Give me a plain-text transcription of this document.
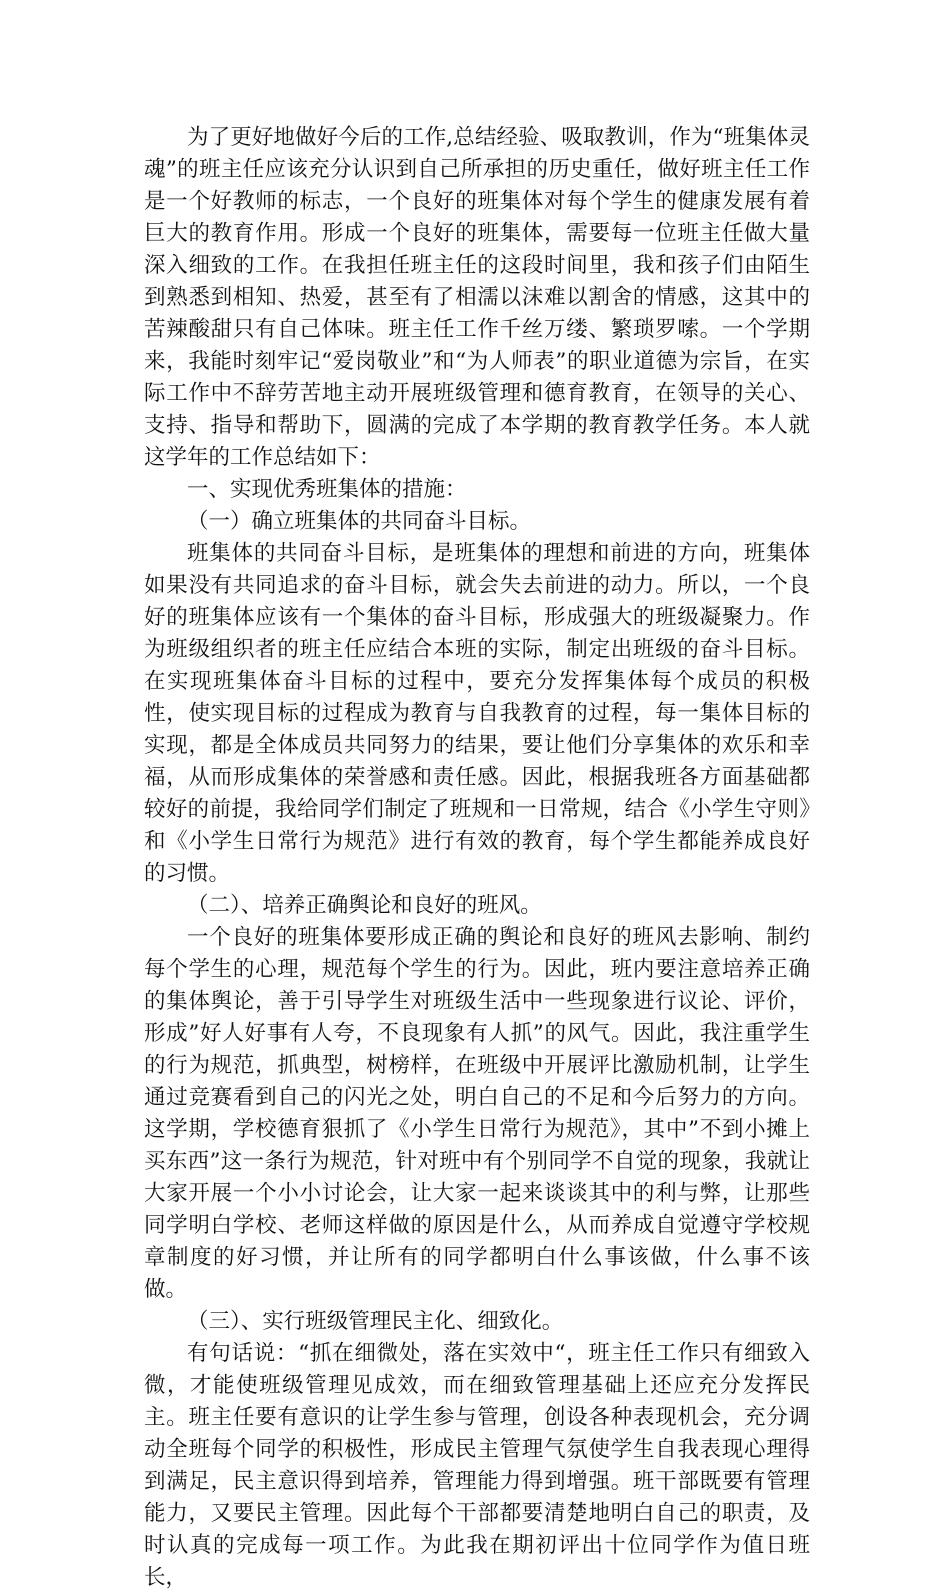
为了更好地做好今后的工作,总结经验、吸取教训，作为“班集体灵魂”的班主任应该充分认识到自己所承担的历史重任，做好班主任工作是一个好教师的标志，一个良好的班集体对每个学生的健康发展有着巨大的教育作用。形成一个良好的班集体，需要每一位班主任做大量深入细致的工作。在我担任班主任的这段时间里，我和孩子们由陌生到熟悉到相知、热爱，甚至有了相濡以沫难以割舍的情感，这其中的苦辣酸甜只有自己体味。班主任工作千丝万缕、繁琐罗嗦。一个学期来，我能时刻牢记“爱岗敬业”和“为人师表”的职业道德为宗旨，在实际工作中不辞劳苦地主动开展班级管理和德育教育，在领导的关心、支持、指导和帮助下，圆满的完成了本学期的教育教学任务。本人就这学年的工作总结如下：

一、实现优秀班集体的措施：

（一）确立班集体的共同奋斗目标。

班集体的共同奋斗目标，是班集体的理想和前进的方向，班集体如果没有共同追求的奋斗目标，就会失去前进的动力。所以，一个良好的班集体应该有一个集体的奋斗目标，形成强大的班级凝聚力。作为班级组织者的班主任应结合本班的实际，制定出班级的奋斗目标。在实现班集体奋斗目标的过程中，要充分发挥集体每个成员的积极性，使实现目标的过程成为教育与自我教育的过程，每一集体目标的实现，都是全体成员共同努力的结果，要让他们分享集体的欢乐和幸福，从而形成集体的荣誉感和责任感。因此，根据我班各方面基础都较好的前提，我给同学们制定了班规和一日常规，结合《小学生守则》和《小学生日常行为规范》进行有效的教育，每个学生都能养成良好的习惯。

（二）、培养正确舆论和良好的班风。

一个良好的班集体要形成正确的舆论和良好的班风去影响、制约每个学生的心理，规范每个学生的行为。因此，班内要注意培养正确的集体舆论，善于引导学生对班级生活中一些现象进行议论、评价，形成”好人好事有人夸，不良现象有人抓”的风气。因此，我注重学生的行为规范，抓典型，树榜样，在班级中开展评比激励机制，让学生通过竞赛看到自己的闪光之处，明白自己的不足和今后努力的方向。这学期，学校德育狠抓了《小学生日常行为规范》，其中”不到小摊上买东西”这一条行为规范，针对班中有个别同学不自觉的现象，我就让大家开展一个小小讨论会，让大家一起来谈谈其中的利与弊，让那些同学明白学校、老师这样做的原因是什么，从而养成自觉遵守学校规章制度的好习惯，并让所有的同学都明白什么事该做，什么事不该做。

（三）、实行班级管理民主化、细致化。

有句话说：“抓在细微处，落在实效中“，班主任工作只有细致入微，才能使班级管理见成效，而在细致管理基础上还应充分发挥民主。班主任要有意识的让学生参与管理，创设各种表现机会，充分调动全班每个同学的积极性，形成民主管理气氛使学生自我表现心理得到满足，民主意识得到培养，管理能力得到增强。班干部既要有管理能力，又要民主管理。因此每个干部都要清楚地明白自己的职责，及时认真的完成每一项工作。为此我在期初评出十位同学作为值日班长，
